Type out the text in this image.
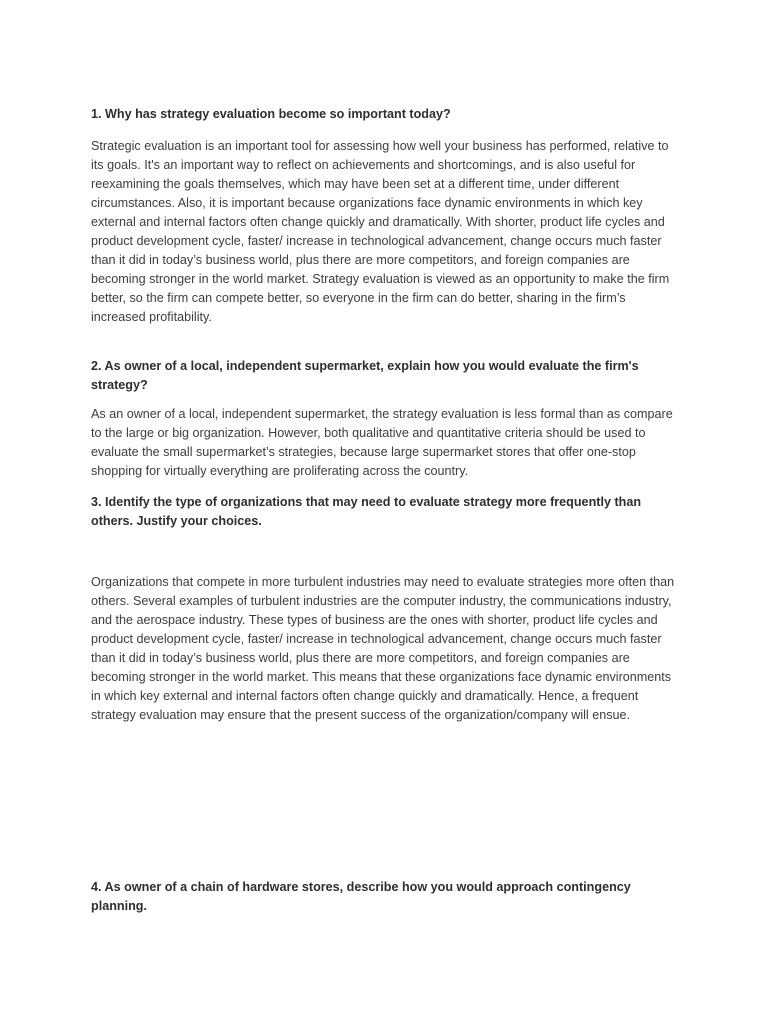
1. Why has strategy evaluation become so important today?

Strategic evaluation is an important tool for assessing how well your business has performed, relative to its goals. It's an important way to reflect on achievements and shortcomings, and is also useful for reexamining the goals themselves, which may have been set at a different time, under different circumstances. Also, it is important because organizations face dynamic environments in which key external and internal factors often change quickly and dramatically. With shorter, product life cycles and product development cycle, faster/ increase in technological advancement, change occurs much faster than it did in today’s business world, plus there are more competitors, and foreign companies are becoming stronger in the world market. Strategy evaluation is viewed as an opportunity to make the firm better, so the firm can compete better, so everyone in the firm can do better, sharing in the firm’s increased profitability.

2. As owner of a local, independent supermarket, explain how you would evaluate the firm's strategy?

As an owner of a local, independent supermarket, the strategy evaluation is less formal than as compare to the large or big organization. However, both qualitative and quantitative criteria should be used to evaluate the small supermarket’s strategies, because large supermarket stores that offer one-stop shopping for virtually everything are proliferating across the country.

3. Identify the type of organizations that may need to evaluate strategy more frequently than others. Justify your choices.

Organizations that compete in more turbulent industries may need to evaluate strategies more often than others. Several examples of turbulent industries are the computer industry, the communications industry, and the aerospace industry. These types of business are the ones with shorter, product life cycles and product development cycle, faster/ increase in technological advancement, change occurs much faster than it did in today’s business world, plus there are more competitors, and foreign companies are becoming stronger in the world market. This means that these organizations face dynamic environments in which key external and internal factors often change quickly and dramatically. Hence, a frequent strategy evaluation may ensure that the present success of the organization/company will ensue.

4. As owner of a chain of hardware stores, describe how you would approach contingency planning.
